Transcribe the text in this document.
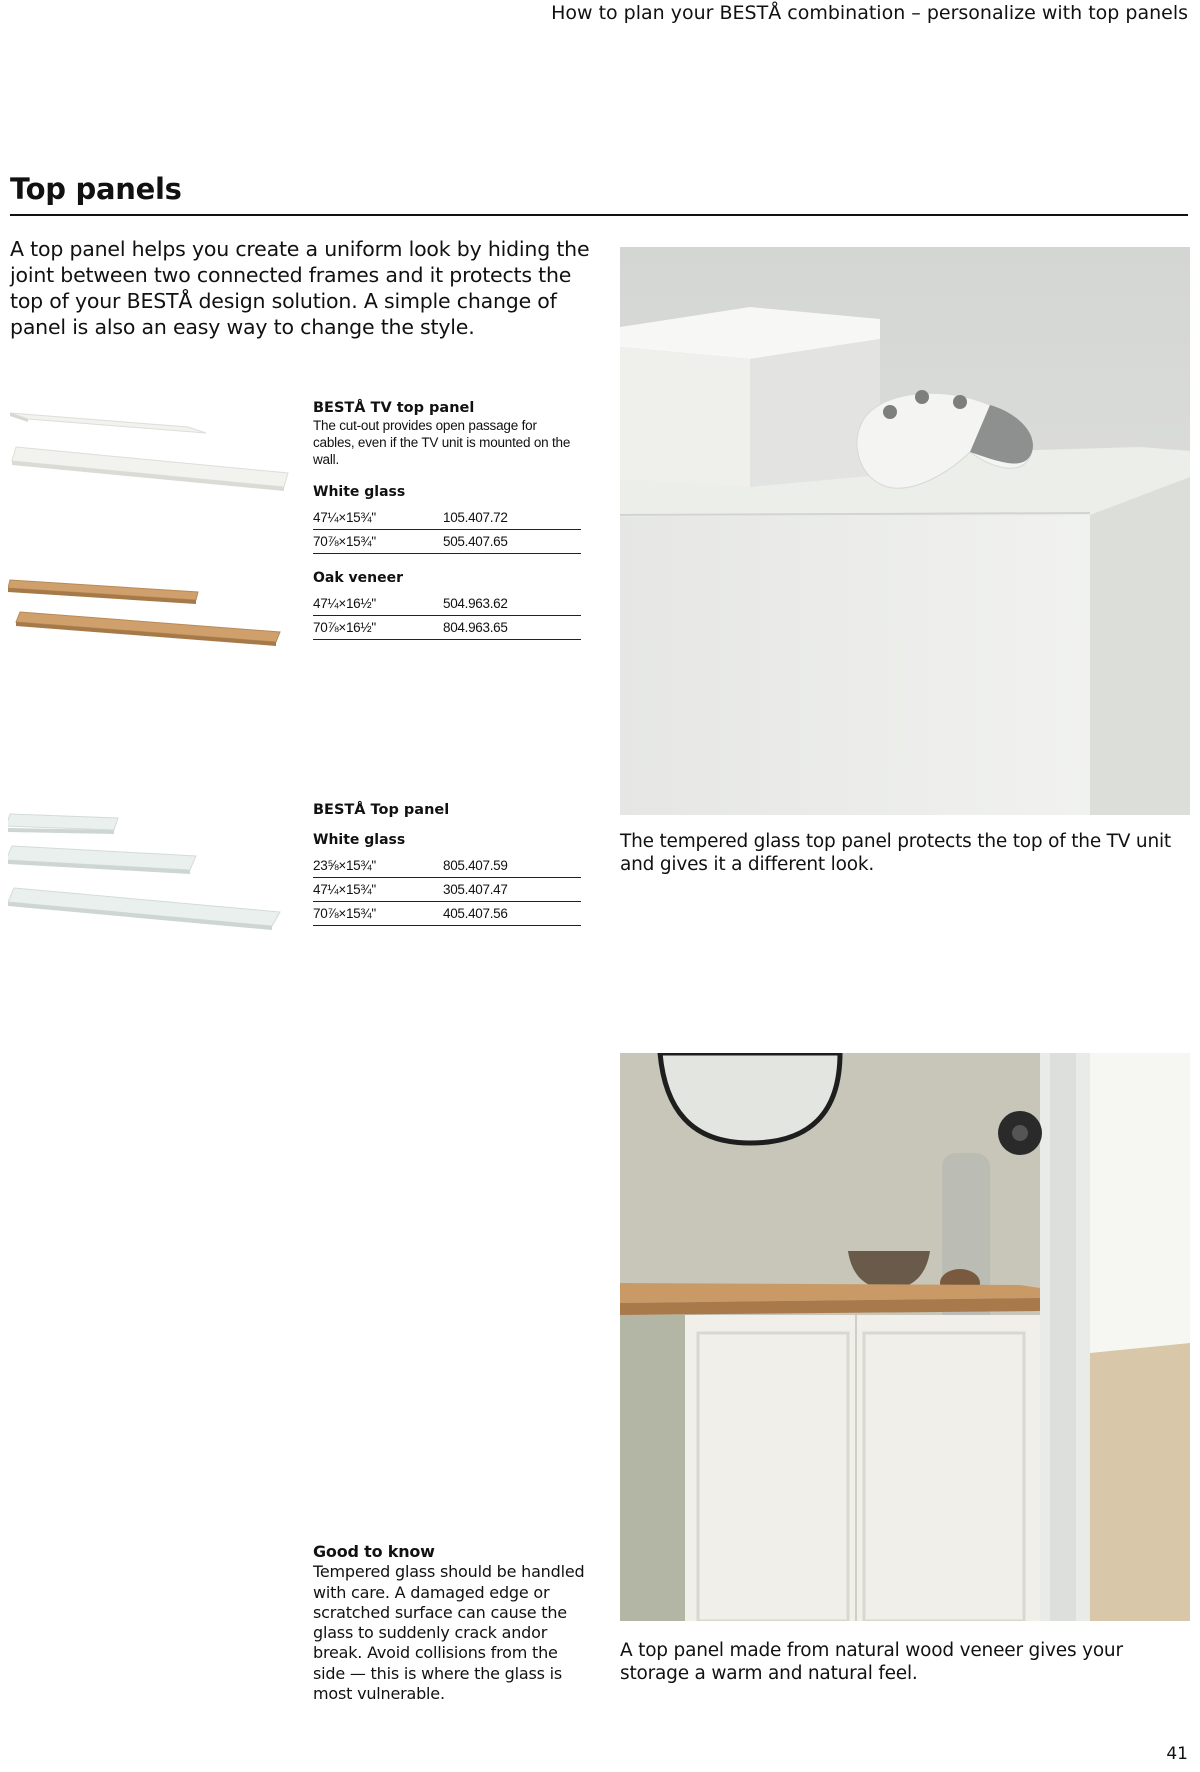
How to plan your BESTÅ combination – personalize with top panels
Top panels
A top panel helps you create a uniform look by hiding the joint between two connected frames and it protects the top of your BESTÅ design solution. A simple change of panel is also an easy way to change the style.
BESTÅ TV top panel
The cut-out provides open passage for cables, even if the TV unit is mounted on the wall.
White glass
47¼×15¾"	105.407.72
70⅞×15¾"	505.407.65
Oak veneer
47¼×16½"	504.963.62
70⅞×16½"	804.963.65
BESTÅ Top panel
White glass
23⅝×15¾"	805.407.59
47¼×15¾"	305.407.47
70⅞×15¾"	405.407.56
The tempered glass top panel protects the top of the TV unit and gives it a different look.
A top panel made from natural wood veneer gives your storage a warm and natural feel.
Good to know
Tempered glass should be handled with care. A damaged edge or scratched surface can cause the glass to suddenly crack andor break. Avoid collisions from the side — this is where the glass is most vulnerable.
41
